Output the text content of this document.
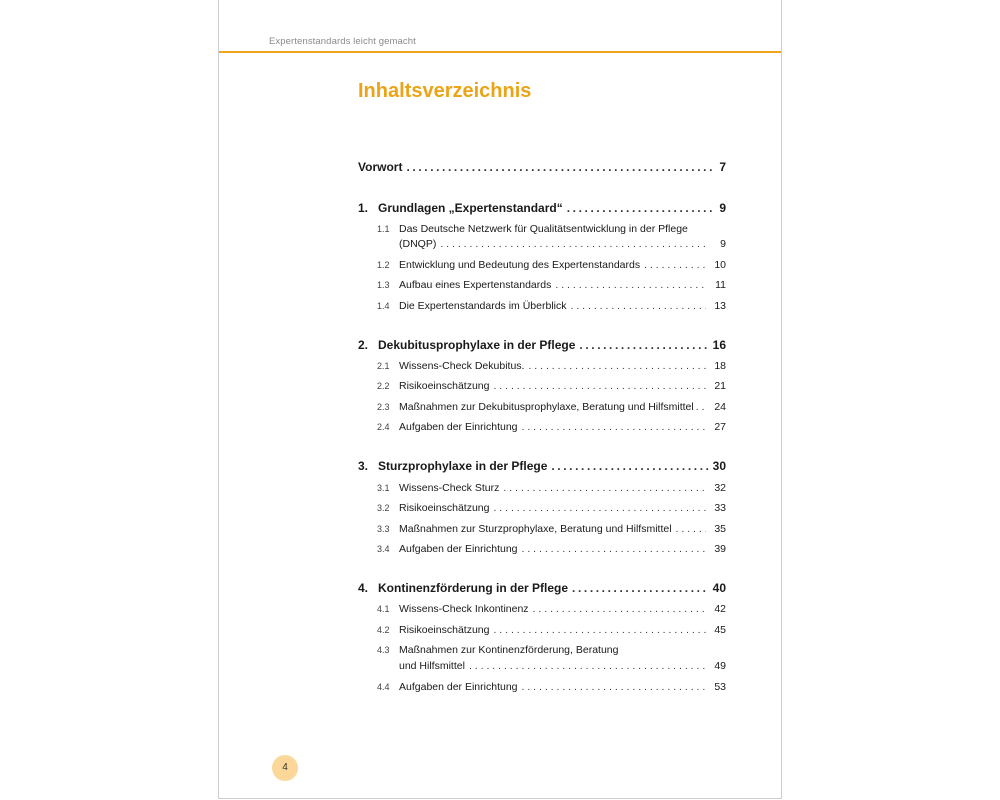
Expertenstandards leicht gemacht
Inhaltsverzeichnis
Vorwort .....	7
1. Grundlagen „Expertenstandard“ .....	9
1.1 Das Deutsche Netzwerk für Qualitätsentwicklung in der Pflege
(DNQP) . . .	9
1.2 Entwicklung und Bedeutung des Expertenstandards . . .	10
1.3 Aufbau eines Expertenstandards . . .	11
1.4 Die Expertenstandards im Überblick . . .	13
2. Dekubitusprophylaxe in der Pflege .....	16
2.1 Wissens-Check Dekubitus. . . .	18
2.2 Risikoeinschätzung . . .	21
2.3 Maßnahmen zur Dekubitusprophylaxe, Beratung und Hilfsmittel . . .	24
2.4 Aufgaben der Einrichtung . . .	27
3. Sturzprophylaxe in der Pflege .....	30
3.1 Wissens-Check Sturz . . .	32
3.2 Risikoeinschätzung . . .	33
3.3 Maßnahmen zur Sturzprophylaxe, Beratung und Hilfsmittel . . .	35
3.4 Aufgaben der Einrichtung . . .	39
4. Kontinenzförderung in der Pflege .....	40
4.1 Wissens-Check Inkontinenz . . .	42
4.2 Risikoeinschätzung . . .	45
4.3 Maßnahmen zur Kontinenzförderung, Beratung
und Hilfsmittel . . .	49
4.4 Aufgaben der Einrichtung . . .	53
4
